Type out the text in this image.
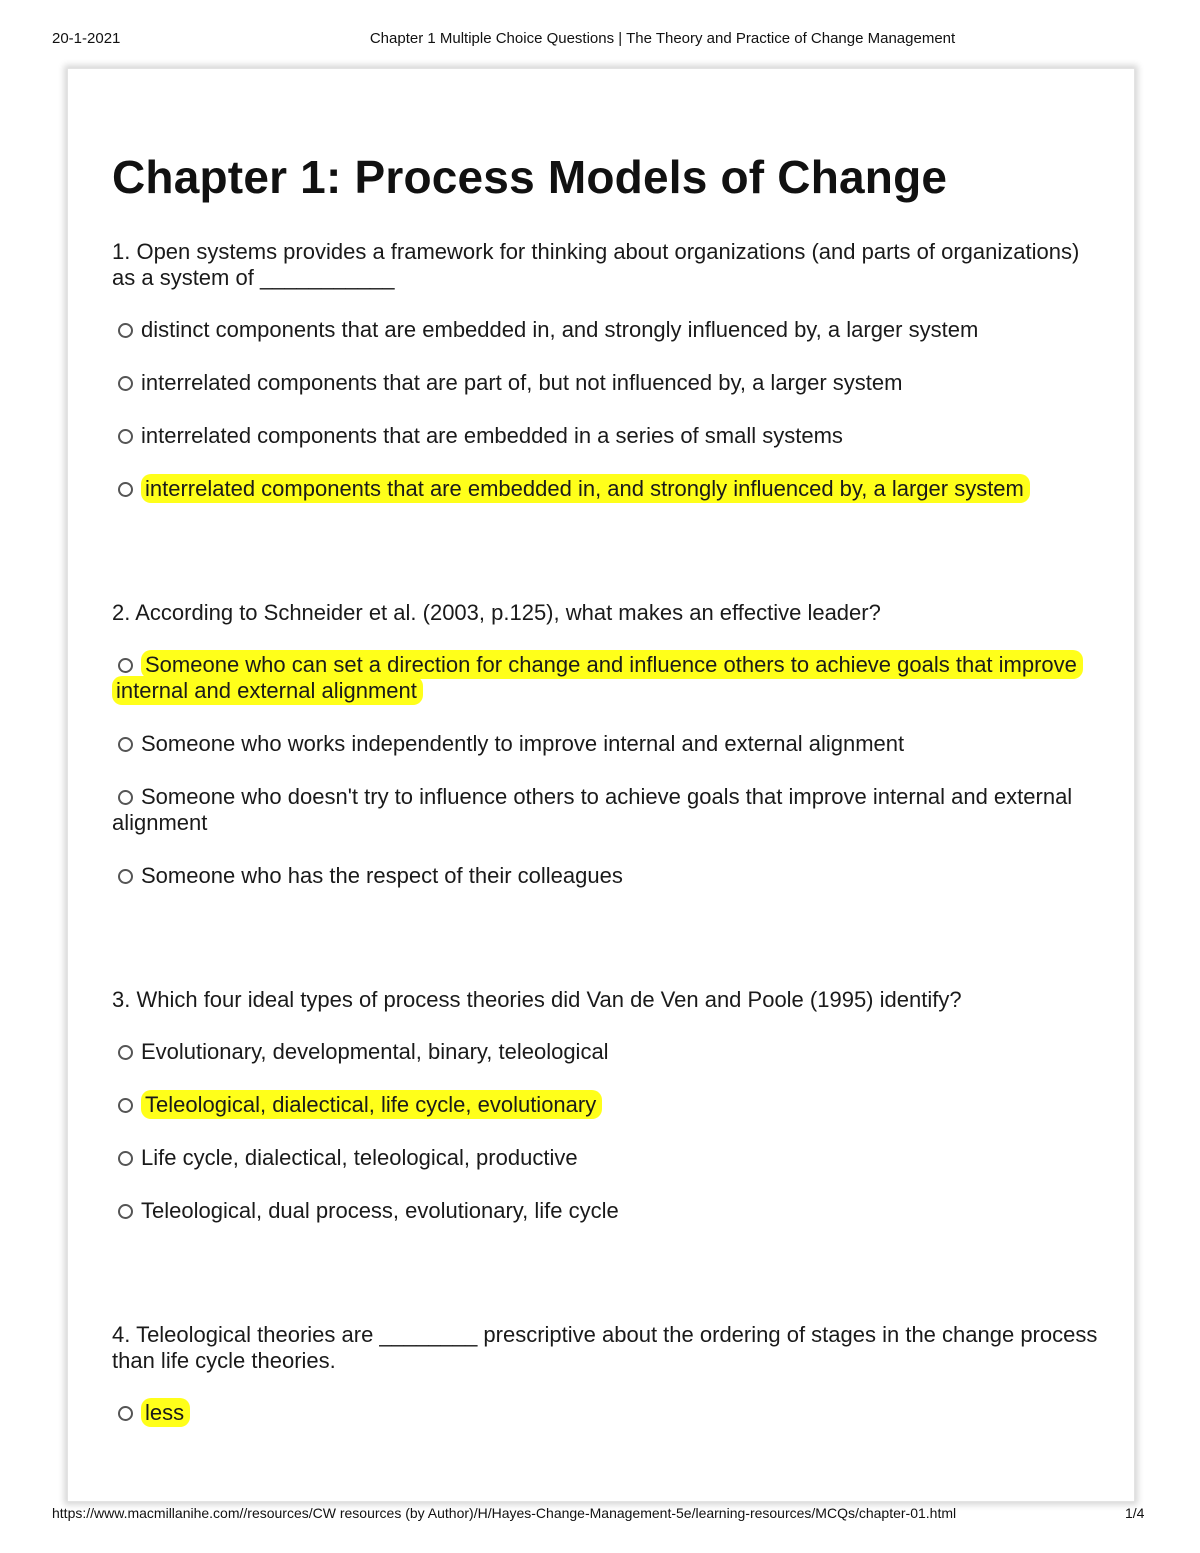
20-1-2021	Chapter 1 Multiple Choice Questions | The Theory and Practice of Change Management
Chapter 1: Process Models of Change
1. Open systems provides a framework for thinking about organizations (and parts of organizations) as a system of ___________
distinct components that are embedded in, and strongly influenced by, a larger system
interrelated components that are part of, but not influenced by, a larger system
interrelated components that are embedded in a series of small systems
interrelated components that are embedded in, and strongly influenced by, a larger system
2. According to Schneider et al. (2003, p.125), what makes an effective leader?
Someone who can set a direction for change and influence others to achieve goals that improve internal and external alignment
Someone who works independently to improve internal and external alignment
Someone who doesn't try to influence others to achieve goals that improve internal and external alignment
Someone who has the respect of their colleagues
3. Which four ideal types of process theories did Van de Ven and Poole (1995) identify?
Evolutionary, developmental, binary, teleological
Teleological, dialectical, life cycle, evolutionary
Life cycle, dialectical, teleological, productive
Teleological, dual process, evolutionary, life cycle
4. Teleological theories are ________ prescriptive about the ordering of stages in the change process than life cycle theories.
less
https://www.macmillanihe.com//resources/CW resources (by Author)/H/Hayes-Change-Management-5e/learning-resources/MCQs/chapter-01.html	1/4
